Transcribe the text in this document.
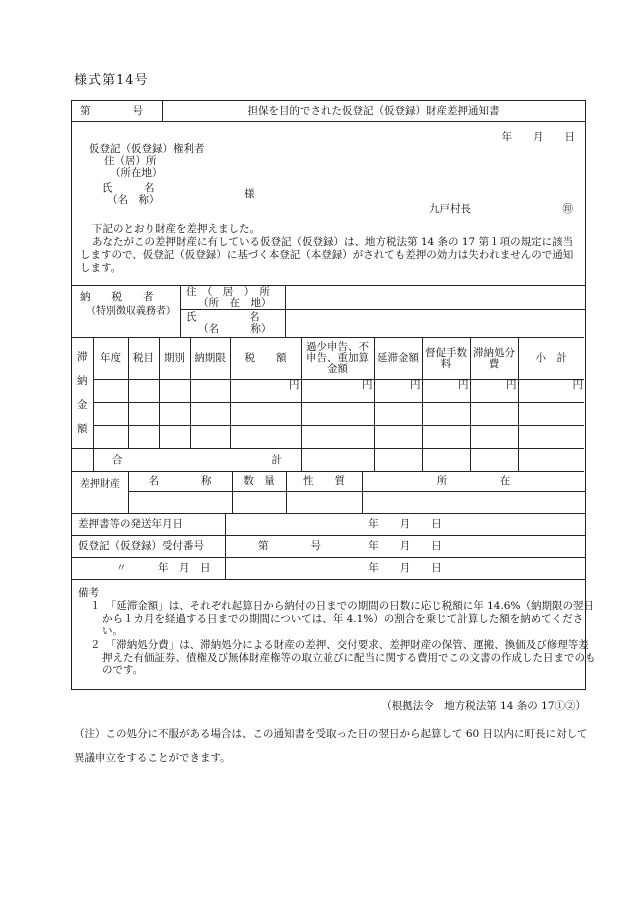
様式第14号
第　　　　号	担保を目的でされた仮登記（仮登録）財産差押通知書
年　　月　　日
仮登記（仮登録）権利者
住（居）所
（所在地）
氏　　　名
（名　称）	様
九戸村長	㊞
下記のとおり財産を差押えました。
あなたがこの差押財産に有している仮登記（仮登録）は、地方税法第 14 条の 17 第１項の規定に該当しますので、仮登記（仮登録）に基づく本登記（本登録）がされても差押の効力は失われませんので通知します。
納　　税　　者
（特別徴収義務者）
住　（　居　）　所
（所　在　地）
氏　　　　　名
（名　　　称）
滞
納
金
額	年度	税目	期別	納期限	税　　額	過少申告、不申告、重加算金額	延滞金額	督促手数料	滞納処分費	小　計
					円	円	円	円	円	円

	合 計									
差押財産	名　　　　称	数　量	性　　質	所　　　　　在
差押書等の発送年月日	年　　月　　日
仮登記（仮登録）受付番号	第　　　　号	年　　月　　日
〃　　　年　月　日	年　　月　　日
備考
１　「延滞金額」は、それぞれ起算日から納付の日までの期間の日数に応じ税額に年 14.6%（納期限の翌日から１カ月を経過する日までの期間については、年 4.1%）の割合を乗じて計算した額を納めてください。
２　「滞納処分費」は、滞納処分による財産の差押、交付要求、差押財産の保管、運搬、換価及び修理等差押えた有価証券、債権及び無体財産権等の取立並びに配当に関する費用でこの文書の作成した日までのものです。
（根拠法令　地方税法第 14 条の 17①②）
（注）この処分に不服がある場合は、この通知書を受取った日の翌日から起算して 60 日以内に町長に対して異議申立をすることができます。
